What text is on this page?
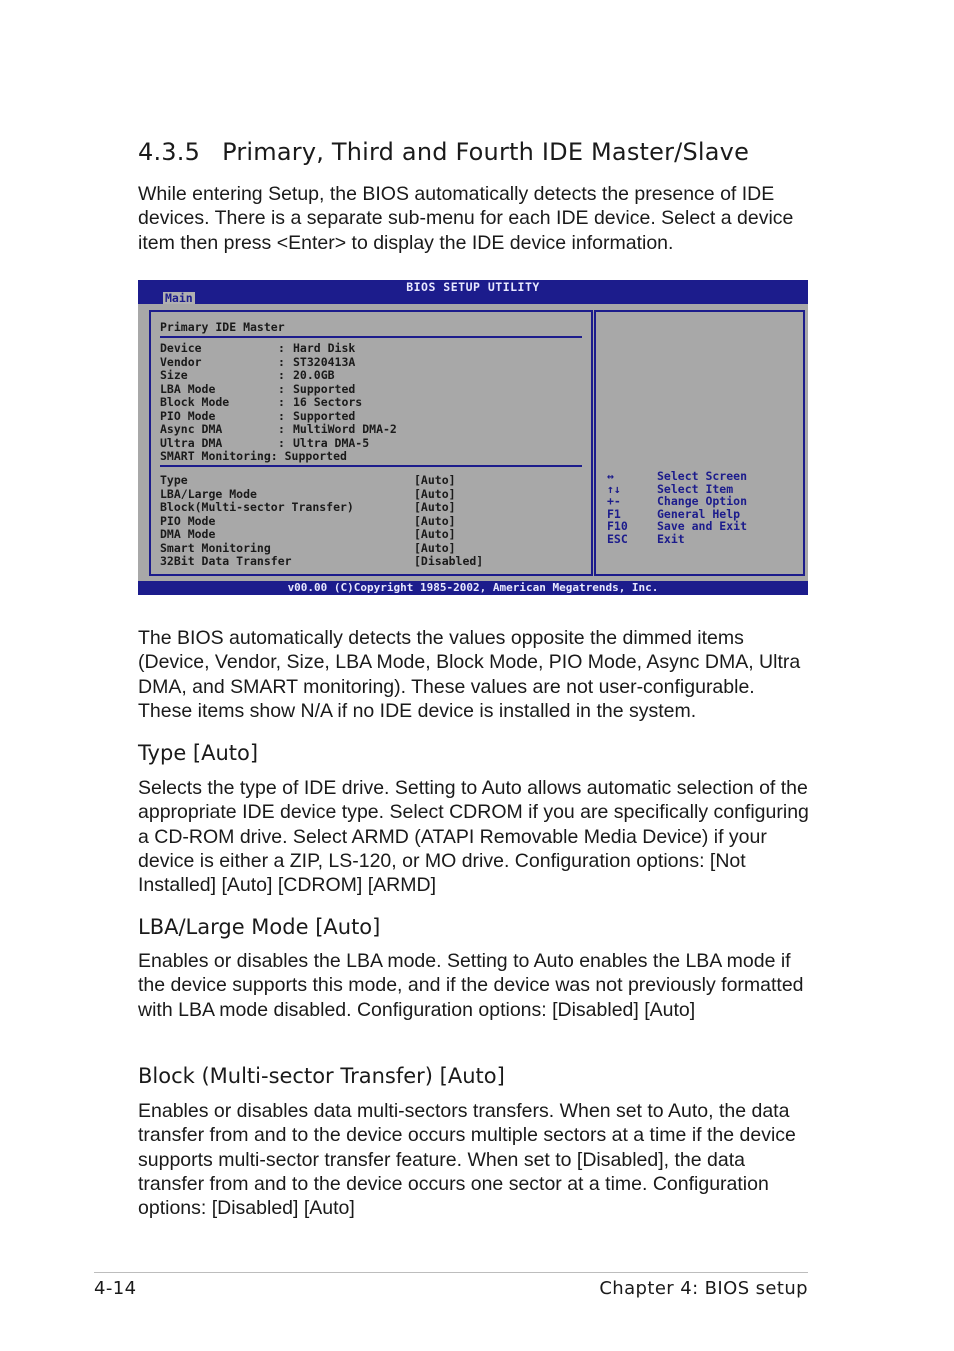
4.3.5 Primary, Third and Fourth IDE Master/Slave

While entering Setup, the BIOS automatically detects the presence of IDE devices. There is a separate sub-menu for each IDE device. Select a device item then press <Enter> to display the IDE device information.

BIOS SETUP UTILITY
Main
Primary IDE Master
Device	: Hard Disk
Vendor	: ST320413A
Size	: 20.0GB
LBA Mode	: Supported
Block Mode	: 16 Sectors
PIO Mode	: Supported
Async DMA	: MultiWord DMA-2
Ultra DMA	: Ultra DMA-5
SMART Monitoring: Supported
Type	[Auto]
LBA/Large Mode	[Auto]
Block(Multi-sector Transfer)	[Auto]
PIO Mode	[Auto]
DMA Mode	[Auto]
Smart Monitoring	[Auto]
32Bit Data Transfer	[Disabled]
↔	Select Screen
↑↓	Select Item
+-	Change Option
F1	General Help
F10	Save and Exit
ESC	Exit
v00.00 (C)Copyright 1985-2002, American Megatrends, Inc.

The BIOS automatically detects the values opposite the dimmed items (Device, Vendor, Size, LBA Mode, Block Mode, PIO Mode, Async DMA, Ultra DMA, and SMART monitoring). These values are not user-configurable. These items show N/A if no IDE device is installed in the system.

Type [Auto]

Selects the type of IDE drive. Setting to Auto allows automatic selection of the appropriate IDE device type. Select CDROM if you are specifically configuring a CD-ROM drive. Select ARMD (ATAPI Removable Media Device) if your device is either a ZIP, LS-120, or MO drive. Configuration options: [Not Installed] [Auto] [CDROM] [ARMD]

LBA/Large Mode [Auto]

Enables or disables the LBA mode. Setting to Auto enables the LBA mode if the device supports this mode, and if the device was not previously formatted with LBA mode disabled. Configuration options: [Disabled] [Auto]

Block (Multi-sector Transfer) [Auto]

Enables or disables data multi-sectors transfers. When set to Auto, the data transfer from and to the device occurs multiple sectors at a time if the device supports multi-sector transfer feature. When set to [Disabled], the data transfer from and to the device occurs one sector at a time. Configuration options: [Disabled] [Auto]

4-14	Chapter 4: BIOS setup
